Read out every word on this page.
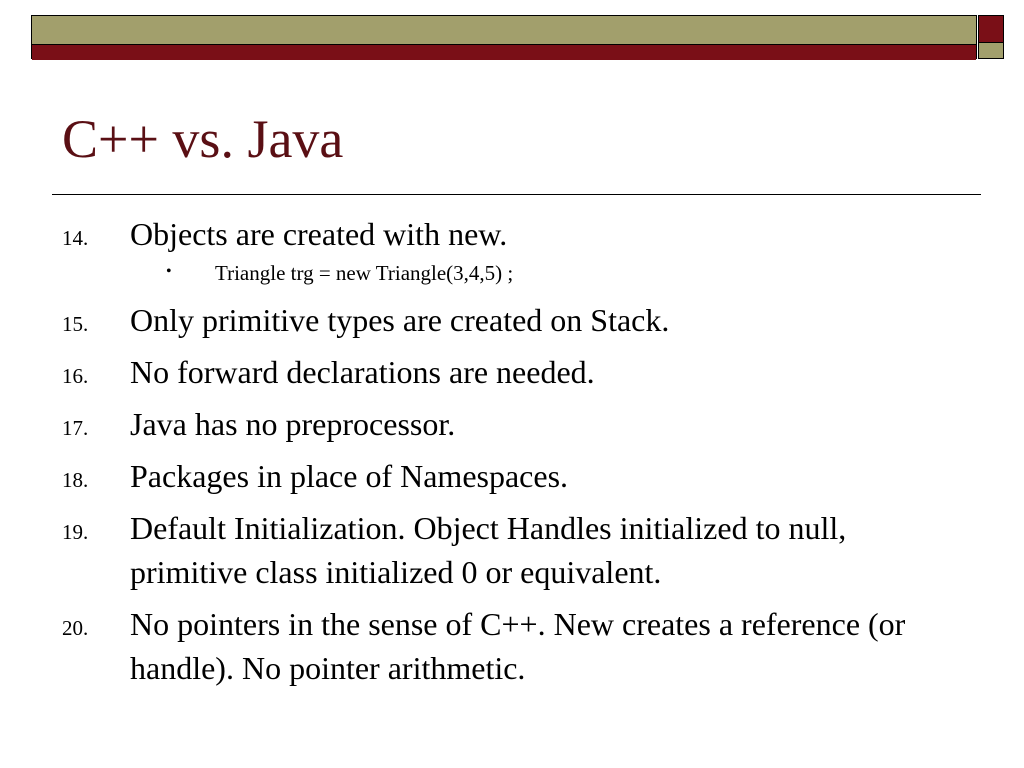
C++ vs. Java
14. Objects are created with new.
• Triangle trg = new Triangle(3,4,5) ;
15. Only primitive types are created on Stack.
16. No forward declarations are needed.
17. Java has no preprocessor.
18. Packages in place of Namespaces.
19. Default Initialization. Object Handles initialized to null, primitive class initialized 0 or equivalent.
20. No pointers in the sense of C++. New creates a reference (or handle). No pointer arithmetic.
